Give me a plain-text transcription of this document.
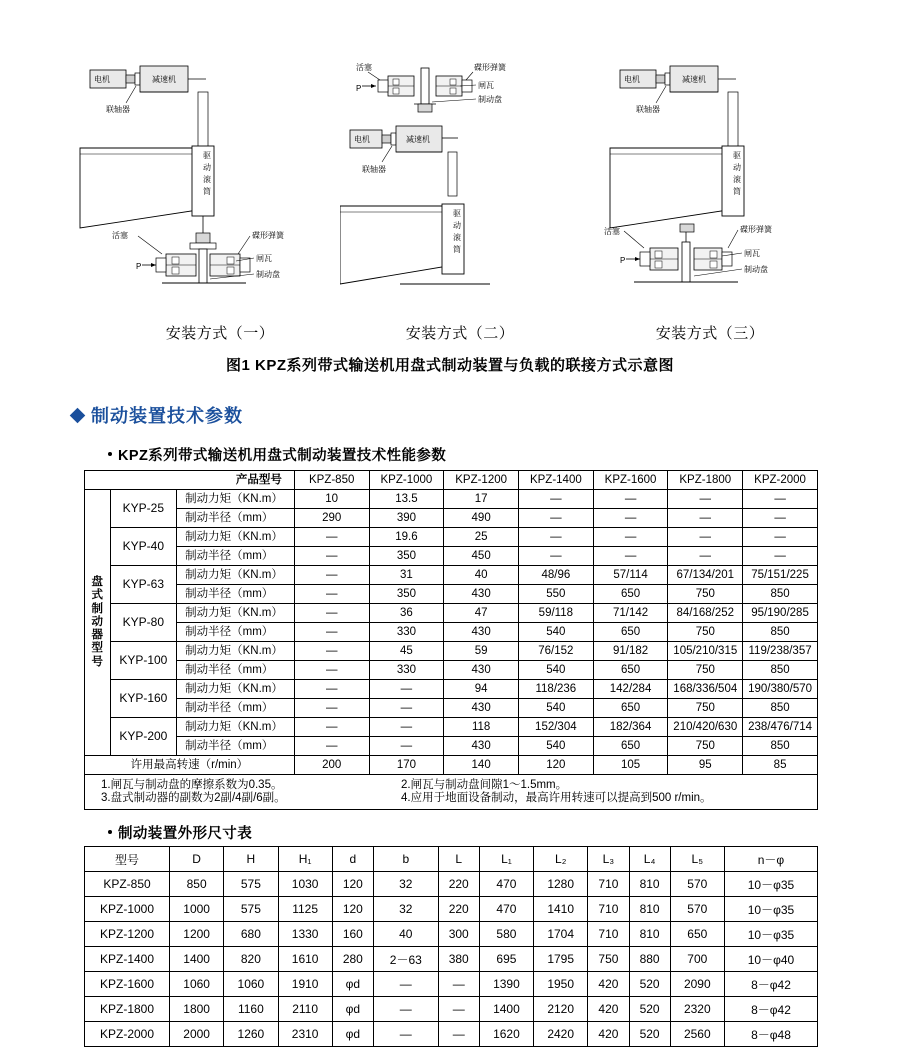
电机	减速机
联轴器
驱
动
滚
筒
P
活塞	碟形弹簧
闸瓦
制动盘
P
活塞	碟形弹簧
闸瓦
制动盘
电机	减速机
联轴器
驱
动
滚
筒
电机	减速机
联轴器
驱
动
滚
筒
P
活塞	碟形弹簧
闸瓦
制动盘
安装方式（一）	安装方式（二）	安装方式（三）
图1 KPZ系列带式输送机用盘式制动装置与负载的联接方式示意图
制动装置技术参数
KPZ系列带式输送机用盘式制动装置技术性能参数
产品型号			KPZ-850	KPZ-1000	KPZ-1200	KPZ-1400	KPZ-1600	KPZ-1800	KPZ-2000
盘
式
制
动
器
型
号	KYP-25	制动力矩（KN.m）	10	13.5	17	—	—	—	—
		制动半径（mm）	290	390	490	—	—	—	—
	KYP-40	制动力矩（KN.m）	—	19.6	25	—	—	—	—
		制动半径（mm）	—	350	450	—	—	—	—
	KYP-63	制动力矩（KN.m）	—	31	40	48/96	57/114	67/134/201	75/151/225
		制动半径（mm）	—	350	430	550	650	750	850
	KYP-80	制动力矩（KN.m）	—	36	47	59/118	71/142	84/168/252	95/190/285
		制动半径（mm）	—	330	430	540	650	750	850
	KYP-100	制动力矩（KN.m）	—	45	59	76/152	91/182	105/210/315	119/238/357
		制动半径（mm）	—	330	430	540	650	750	850
	KYP-160	制动力矩（KN.m）	—	—	94	118/236	142/284	168/336/504	190/380/570
		制动半径（mm）	—	—	430	540	650	750	850
	KYP-200	制动力矩（KN.m）	—	—	118	152/304	182/364	210/420/630	238/476/714
		制动半径（mm）	—	—	430	540	650	750	850
许用最高转速（r/min）			200	170	140	120	105	95	85

1.闸瓦与制动盘的摩擦系数为0.35。 2.闸瓦与制动盘间隙1～1.5mm。
3.盘式制动器的副数为2副/4副/6副。 4.应用于地面设备制动，最高许用转速可以提高到500 r/min。									
制动装置外形尺寸表
型号	D	H	H₁	d	b	L	L₁	L₂	L₃	L₄	L₅	n－φ
KPZ-850	850	575	1030	120	32	220	470	1280	710	810	570	10－φ35
KPZ-1000	1000	575	1125	120	32	220	470	1410	710	810	570	10－φ35
KPZ-1200	1200	680	1330	160	40	300	580	1704	710	810	650	10－φ35
KPZ-1400	1400	820	1610	280	2－63	380	695	1795	750	880	700	10－φ40
KPZ-1600	1060	1060	1910	φd	—	—	1390	1950	420	520	2090	8－φ42
KPZ-1800	1800	1160	2110	φd	—	—	1400	2120	420	520	2320	8－φ42
KPZ-2000	2000	1260	2310	φd	—	—	1620	2420	420	520	2560	8－φ48
